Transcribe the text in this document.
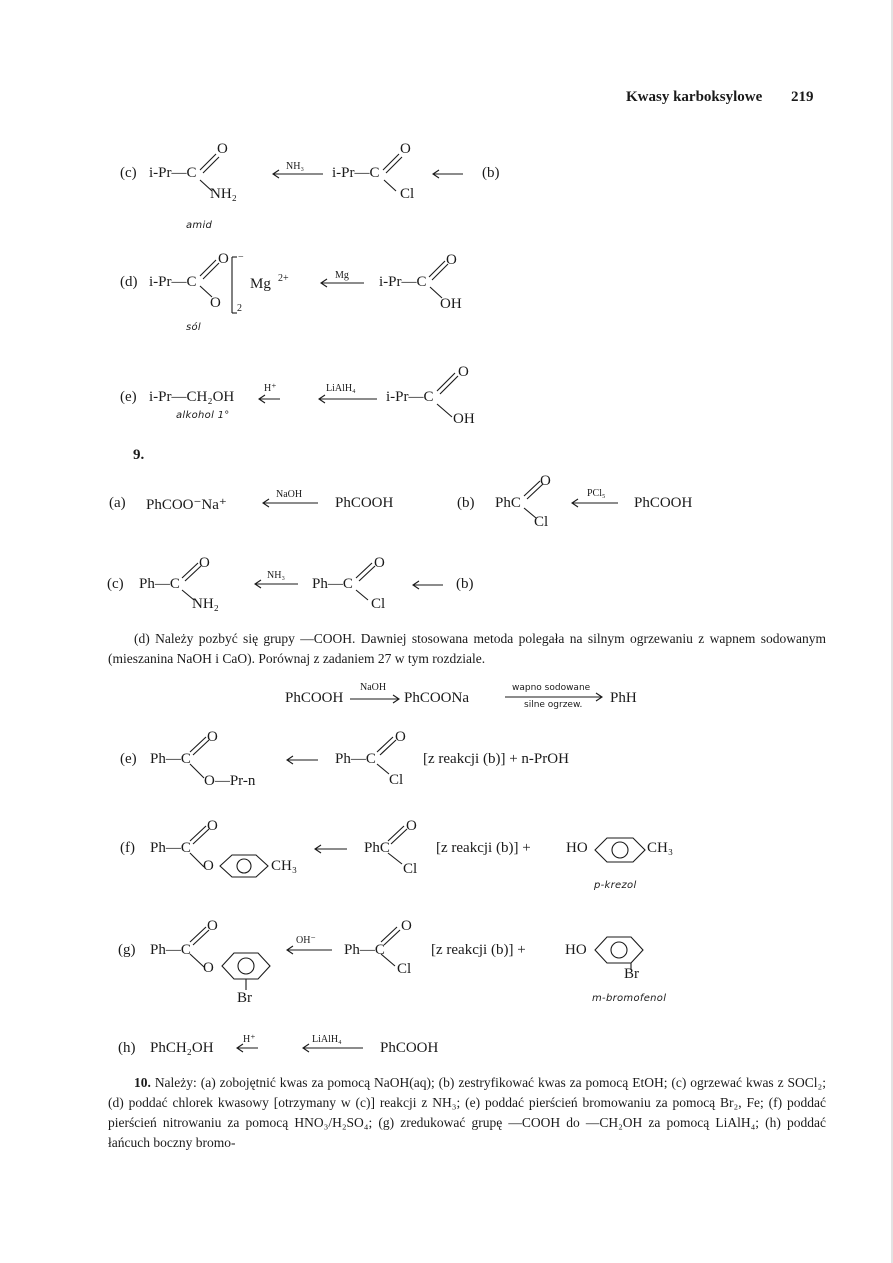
Kwasy karboksylowe 219
(c) i-Pr—C
O
NH₂
NH₃ i-Pr—C
O
Cl
(b)
amid
(d) i-Pr—C
O −
O 2
Mg 2+	Mg i-Pr—C
O
OH
sól
(e) i-Pr—CH₂OH
H⁺	LiAlH₄
i-Pr—C
O
OH
alkohol 1°
9.
(a) PhCOO⁻Na⁺
NaOH
PhCOOH	(b) PhC
O
Cl
PCl₅
PhCOOH
(c) Ph—C
O
NH₂
NH₃
Ph—C
O
Cl
(b)
(d) Należy pozbyć się grupy —COOH. Dawniej stosowana metoda polegała na silnym ogrzewaniu z wapnem sodowanym (mieszanina NaOH i CaO). Porównaj z zadaniem 27 w tym rozdziale.
PhCOOH
NaOH
PhCOONa
wapno sodowane
silne ogrzew. PhH
(e) Ph—C
O
O—Pr-n
Ph—C
O
Cl
[z reakcji (b)] + n-PrOH
(f) Ph—C
O
O	CH₃
PhC
O
Cl
[z reakcji (b)] + HO	CH₃
p-krezol
(g) Ph—C
O
O
Br
OH⁻
Ph—C
O
Cl
[z reakcji (b)] +	HO
Br
m-bromofenol
(h) PhCH₂OH
H⁺	LiAlH₄
PhCOOH
10. Należy: (a) zobojętnić kwas za pomocą NaOH(aq); (b) zestryfikować kwas za pomocą EtOH; (c) ogrzewać kwas z SOCl₂; (d) poddać chlorek kwasowy [otrzymany w (c)] reakcji z NH₃; (e) poddać pierścień bromowaniu za pomocą Br₂, Fe; (f) poddać pierścień nitrowaniu za pomocą HNO₃/H₂SO₄; (g) zredukować grupę —COOH do —CH₂OH za pomocą LiAlH₄; (h) poddać łańcuch boczny bromo-
